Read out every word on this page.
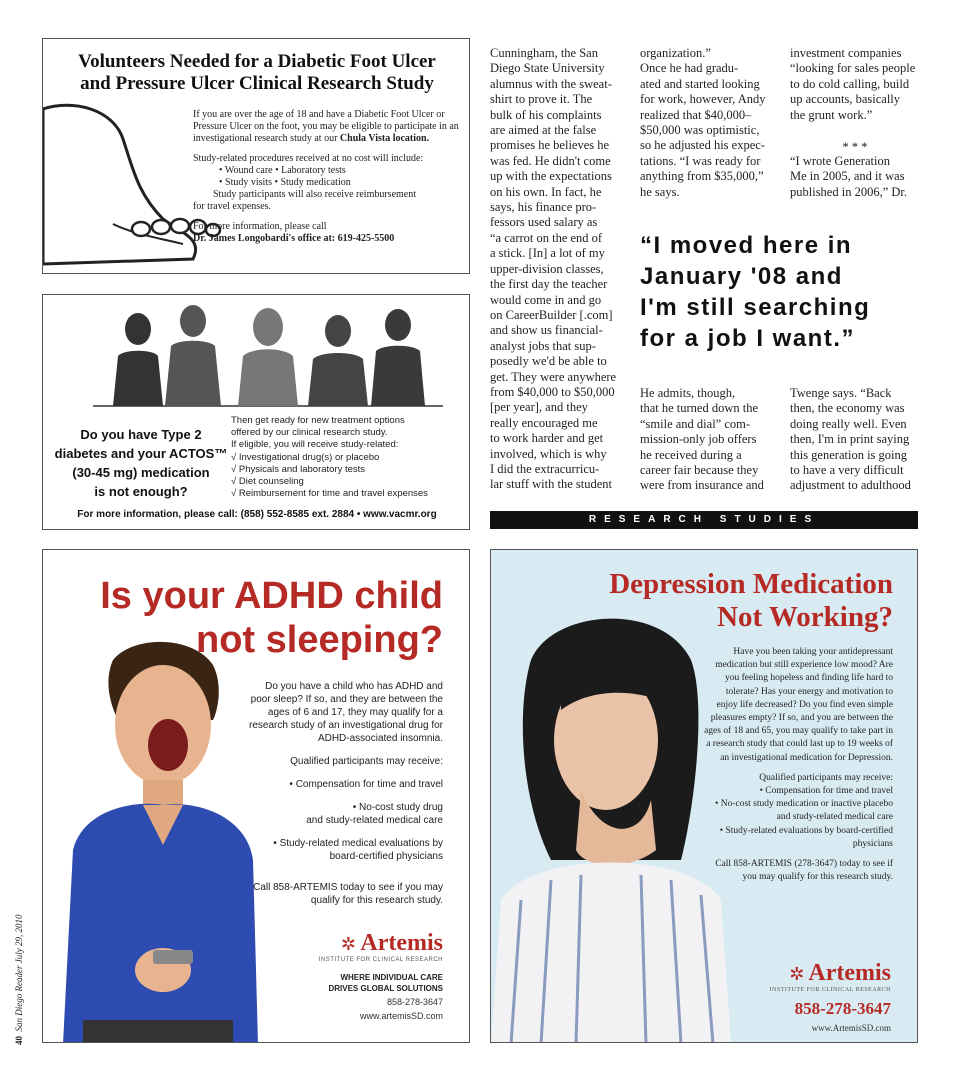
Volunteers Needed for a Diabetic Foot Ulcer
and Pressure Ulcer Clinical Research Study

If you are over the age of 18 and have a Diabetic Foot Ulcer or Pressure Ulcer on the foot, you may be eligible to participate in an investigational research study at our Chula Vista location.

Study-related procedures received at no cost will include:
• Wound care • Laboratory tests
• Study visits • Study medication
Study participants will also receive reimbursement
for travel expenses.

For more information, please call
Dr. James Longobardi's office at: 619-425-5500

Do you have Type 2
diabetes and your ACTOS™
(30-45 mg) medication
is not enough?
Then get ready for new treatment options
offered by our clinical research study.
If eligible, you will receive study-related:
√ Investigational drug(s) or placebo
√ Physicals and laboratory tests
√ Diet counseling
√ Reimbursement for time and travel expenses
For more information, please call: (858) 552-8585 ext. 2884 • www.vacmr.org
Cunningham, the San
Diego State University
alumnus with the sweat-
shirt to prove it. The
bulk of his complaints
are aimed at the false
promises he believes he
was fed. He didn't come
up with the expectations
on his own. In fact, he
says, his finance pro-
fessors used salary as
“a carrot on the end of
a stick. [In] a lot of my
upper-division classes,
the first day the teacher
would come in and go
on CareerBuilder [.com]
and show us financial-
analyst jobs that sup-
posedly we'd be able to
get. They were anywhere
from $40,000 to $50,000
[per year], and they
really encouraged me
to work harder and get
involved, which is why
I did the extracurricu-
lar stuff with the student
organization.”
Once he had gradu-
ated and started looking
for work, however, Andy
realized that $40,000–
$50,000 was optimistic,
so he adjusted his expec-
tations. “I was ready for
anything from $35,000,”
he says.
investment companies
“looking for sales people
to do cold calling, build
up accounts, basically
the grunt work.”
* * *
“I wrote Generation
Me in 2005, and it was
published in 2006,” Dr.
“I moved here in
January '08 and
I'm still searching
for a job I want.”
He admits, though,
that he turned down the
“smile and dial” com-
mission-only job offers
he received during a
career fair because they
were from insurance and
Twenge says. “Back
then, the economy was
doing really well. Even
then, I'm in print saying
this generation is going
to have a very difficult
adjustment to adulthood
RESEARCH STUDIES
Is your ADHD child
not sleeping?

Do you have a child who has ADHD and poor sleep? If so, and they are between the ages of 6 and 17, they may qualify for a research study of an investigational drug for ADHD-associated insomnia.

Qualified participants may receive:

• Compensation for time and travel

• No-cost study drug
and study-related medical care

• Study-related medical evaluations by
board-certified physicians

Call 858-ARTEMIS today to see if you may qualify for this research study.

✲ Artemis
INSTITUTE FOR CLINICAL RESEARCH
WHERE INDIVIDUAL CARE
DRIVES GLOBAL SOLUTIONS
858-278-3647
www.artemisSD.com
Depression Medication
Not Working?

Have you been taking your antidepressant medication but still experience low mood? Are you feeling hopeless and finding life hard to tolerate? Has your energy and motivation to enjoy life decreased? Do you find even simple pleasures empty? If so, and you are between the ages of 18 and 65, you may qualify to take part in a research study that could last up to 19 weeks of an investigational medication for Depression.

Qualified participants may receive:

• Compensation for time and travel

• No-cost study medication or inactive placebo and study-related medical care

• Study-related evaluations by board-certified physicians

Call 858-ARTEMIS (278-3647) today to see if you may qualify for this research study.

✲ Artemis
INSTITUTE FOR CLINICAL RESEARCH
858-278-3647
www.ArtemisSD.com
40  San Diego Reader July 29, 2010
